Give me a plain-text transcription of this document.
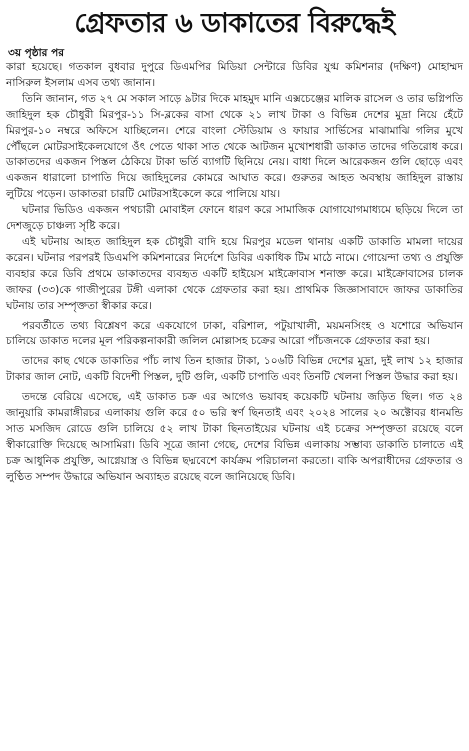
গ্রেফতার ৬ ডাকাতের বিরুদ্ধেই
৩য় পৃষ্ঠার পর

কারা হয়েছে। গতকাল বুধবার দুপুরে ডিএমপির মিডিয়া সেন্টারে ডিবির যুগ্ম কমিশনার (দক্ষিণ) মোহাম্মদ নাসিরুল ইসলাম এসব তথ্য জানান।

তিনি জানান, গত ২৭ মে সকাল সাড়ে ৯টার দিকে মাহমুদ মানি এক্সচেঞ্জের মালিক রাসেল ও তার ভগ্নিপতি জাহিদুল হক চৌধুরী মিরপুর-১১ সি-ব্লকের বাসা থেকে ২১ লাখ টাকা ও বিভিন্ন দেশের মুদ্রা নিয়ে হেঁটে মিরপুর-১০ নম্বরে অফিসে যাচ্ছিলেন। শেরে বাংলা স্টেডিয়াম ও ফায়ার সার্ভিসের মাঝামাঝি গলির মুখে পৌঁছলে মোটরসাইকেলযোগে ওঁৎ পেতে থাকা সাত থেকে আটজন মুখোশধারী ডাকাত তাদের গতিরোধ করে। ডাকাতদের একজন পিস্তল ঠেকিয়ে টাকা ভর্তি ব্যাগটি ছিনিয়ে নেয়। বাধা দিলে আরেকজন গুলি ছোড়ে এবং একজন ধারালো চাপাতি দিয়ে জাহিদুলের কোমরে আঘাত করে। গুরুতর আহত অবস্থায় জাহিদুল রাস্তায় লুটিয়ে পড়েন। ডাকাতরা চারটি মোটরসাইকেলে করে পালিয়ে যায়।

ঘটনার ভিডিও একজন পথচারী মোবাইল ফোনে ধারণ করে সামাজিক যোগাযোগমাধ্যমে ছড়িয়ে দিলে তা দেশজুড়ে চাঞ্চল্য সৃষ্টি করে।

এই ঘটনায় আহত জাহিদুল হক চৌধুরী বাদি হয়ে মিরপুর মডেল থানায় একটি ডাকাতি মামলা দায়ের করেন। ঘটনার পরপরই ডিএমপি কমিশনারের নির্দেশে ডিবির একাধিক টিম মাঠে নামে। গোয়েন্দা তথ্য ও প্রযুক্তি ব্যবহার করে ডিবি প্রথমে ডাকাতদের ব্যবহৃত একটি হাইয়েস মাইক্রোবাস শনাক্ত করে। মাইক্রোবাসের চালক জাফর (৩৩)কে গাজীপুরের টঙ্গী এলাকা থেকে গ্রেফতার করা হয়। প্রাথমিক জিজ্ঞাসাবাদে জাফর ডাকাতির ঘটনায় তার সম্পৃক্ততা স্বীকার করে।

পরবর্তীতে তথ্য বিশ্লেষণ করে একযোগে ঢাকা, বরিশাল, পটুয়াখালী, ময়মনসিংহ ও যশোরে অভিযান চালিয়ে ডাকাত দলের মূল পরিকল্পনাকারী জলিল মোল্লাসহ চক্রের আরো পাঁচজনকে গ্রেফতার করা হয়।

তাদের কাছ থেকে ডাকাতির পাঁচ লাখ তিন হাজার টাকা, ১০৬টি বিভিন্ন দেশের মুদ্রা, দুই লাখ ১২ হাজার টাকার জাল নোট, একটি বিদেশী পিস্তল, দুটি গুলি, একটি চাপাতি এবং তিনটি খেলনা পিস্তল উদ্ধার করা হয়।

তদন্তে বেরিয়ে এসেছে, এই ডাকাত চক্র এর আগেও ভয়াবহ কয়েকটি ঘটনায় জড়িত ছিল। গত ২৪ জানুয়ারি কামরাঙ্গীরচর এলাকায় গুলি করে ৫০ ভরি স্বর্ণ ছিনতাই এবং ২০২৪ সালের ২০ অক্টোবর ধানমন্ডি সাত মসজিদ রোডে গুলি চালিয়ে ৫২ লাখ টাকা ছিনতাইয়ের ঘটনায় এই চক্রের সম্পৃক্ততা রয়েছে বলে স্বীকারোক্তি দিয়েছে আসামিরা। ডিবি সূত্রে জানা গেছে, দেশের বিভিন্ন এলাকায় সম্ভাব্য ডাকাতি চালাতে এই চক্র আধুনিক প্রযুক্তি, আগ্নেয়াস্ত্র ও বিভিন্ন ছদ্মবেশে কার্যক্রম পরিচালনা করতো। বাকি অপরাধীদের গ্রেফতার ও লুণ্ঠিত সম্পদ উদ্ধারে অভিযান অব্যাহত রয়েছে বলে জানিয়েছে ডিবি।
